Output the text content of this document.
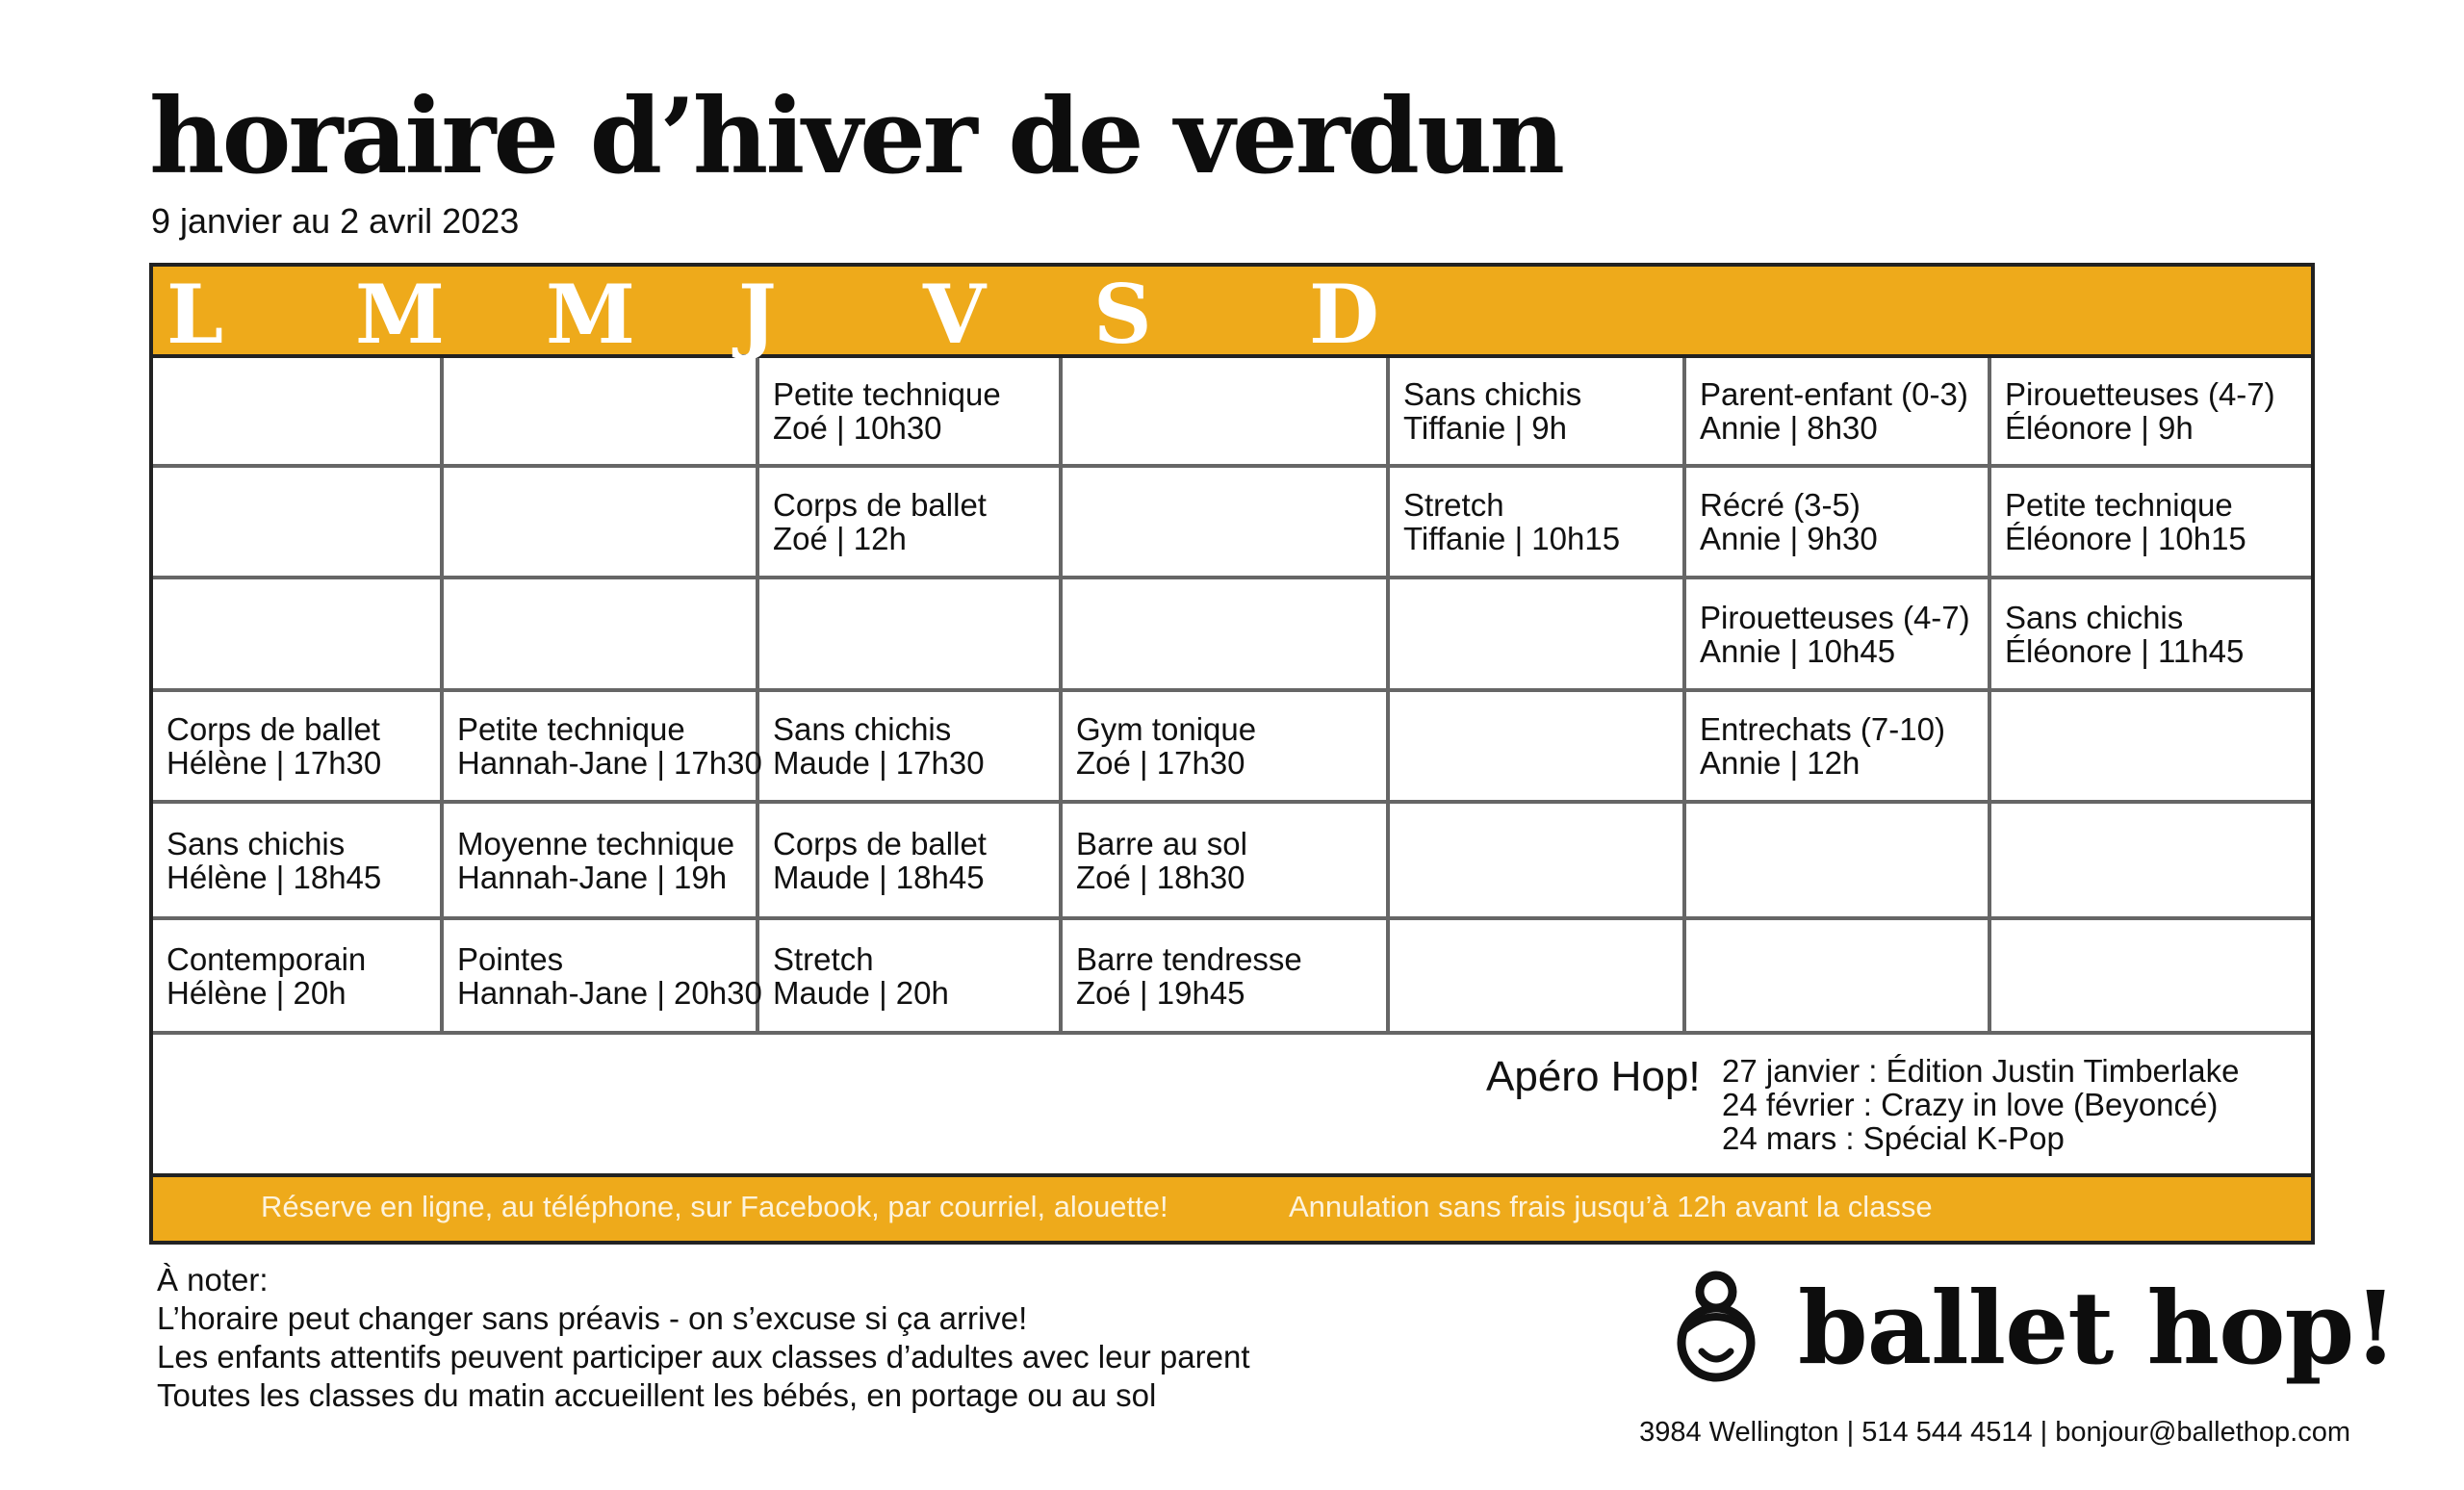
horaire d’hiver de verdun
9 janvier au 2 avril 2023
L M M J V S D
Petite technique
Zoé | 10h30
Sans chichis
Tiffanie | 9h
Parent-enfant (0-3)
Annie | 8h30
Pirouetteuses (4-7)
Éléonore | 9h
Corps de ballet
Zoé | 12h
Stretch
Tiffanie | 10h15
Récré (3-5)
Annie | 9h30
Petite technique
Éléonore | 10h15
Pirouetteuses (4-7)
Annie | 10h45
Sans chichis
Éléonore | 11h45
Corps de ballet
Hélène | 17h30
Petite technique
Hannah-Jane | 17h30
Sans chichis
Maude | 17h30
Gym tonique
Zoé | 17h30
Entrechats (7-10)
Annie | 12h
Sans chichis
Hélène | 18h45
Moyenne technique
Hannah-Jane | 19h
Corps de ballet
Maude | 18h45
Barre au sol
Zoé | 18h30
Contemporain
Hélène | 20h
Pointes
Hannah-Jane | 20h30
Stretch
Maude | 20h
Barre tendresse
Zoé | 19h45
Apéro Hop! 27 janvier : Édition Justin Timberlake
24 février : Crazy in love (Beyoncé)
24 mars : Spécial K-Pop
Réserve en ligne, au téléphone, sur Facebook, par courriel, alouette!	Annulation sans frais jusqu’à 12h avant la classe
À noter:
L’horaire peut changer sans préavis - on s’excuse si ça arrive!
Les enfants attentifs peuvent participer aux classes d’adultes avec leur parent
Toutes les classes du matin accueillent les bébés, en portage ou au sol
ballet hop!
3984 Wellington | 514 544 4514 | bonjour@ballethop.com
